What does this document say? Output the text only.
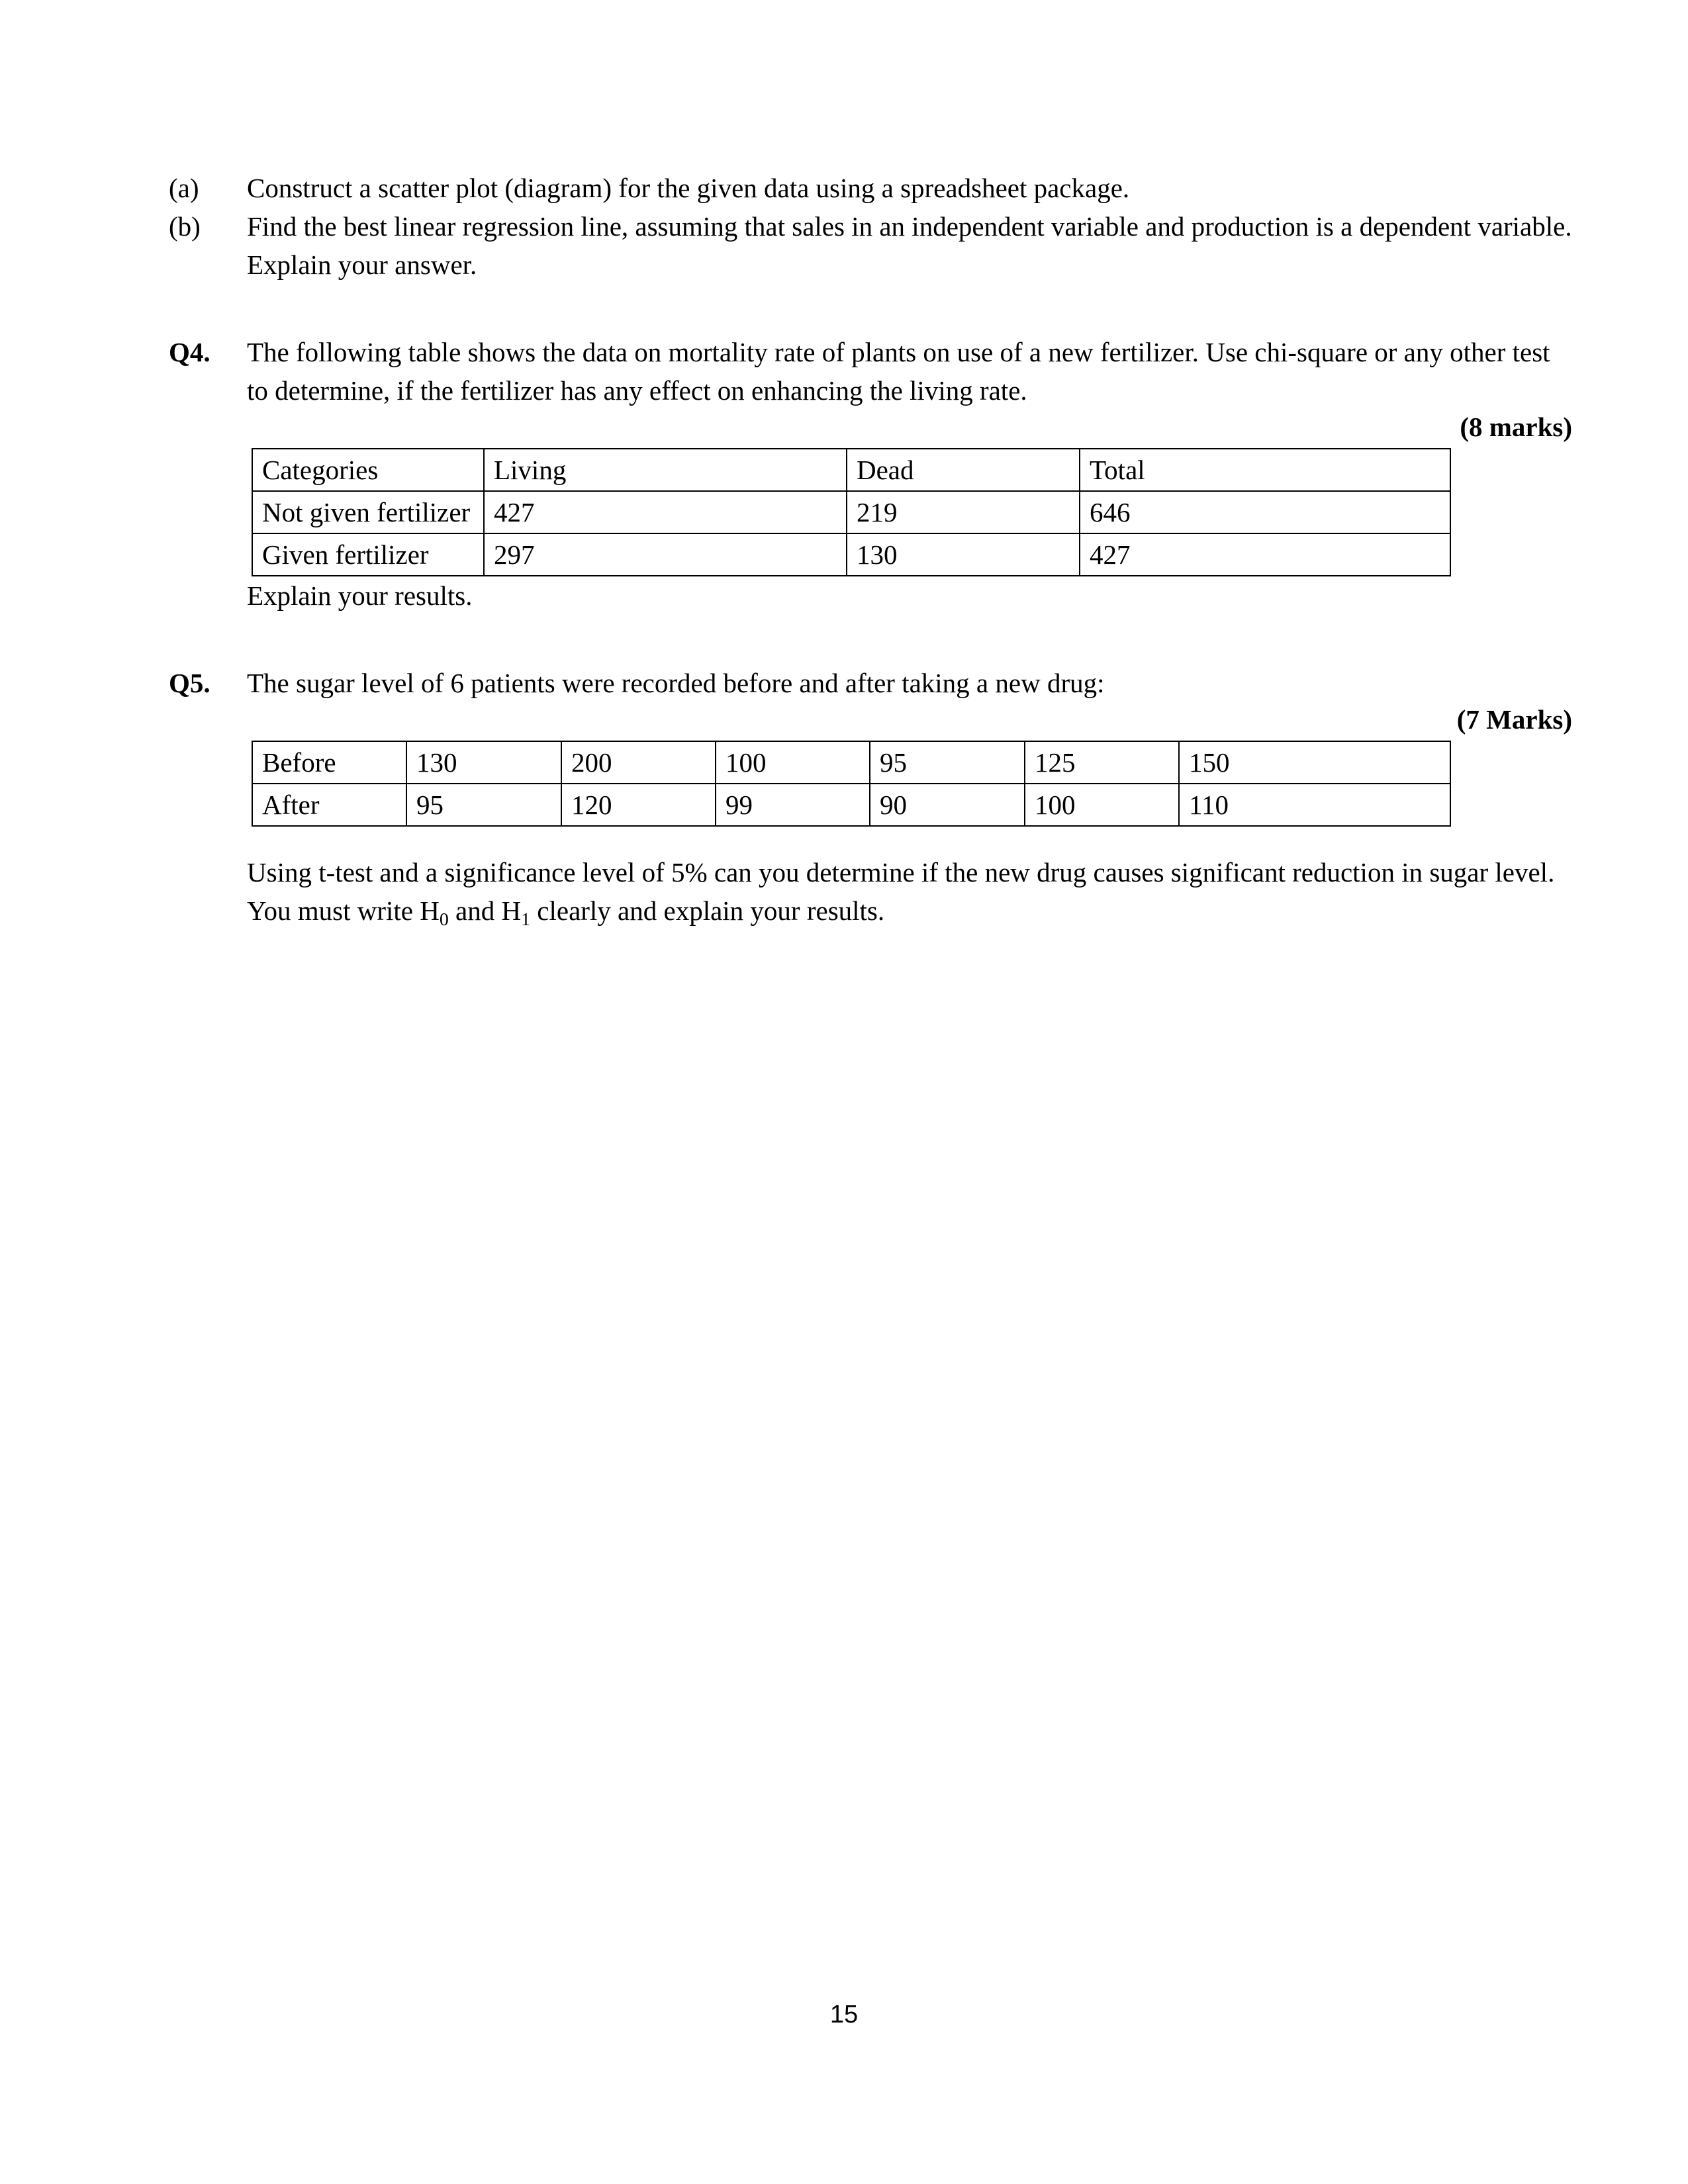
(a)	Construct a scatter plot (diagram) for the given data using a spreadsheet package.
(b)	Find the best linear regression line, assuming that sales in an independent variable and production is a dependent variable. Explain your answer.
Q4.	The following table shows the data on mortality rate of plants on use of a new fertilizer. Use chi-square or any other test to determine, if the fertilizer has any effect on enhancing the living rate.
(8 marks)
Categories	Living	Dead	Total
Not given fertilizer	427	219	646
Given fertilizer	297	130	427
Explain your results.
Q5.	The sugar level of 6 patients were recorded before and after taking a new drug:
(7 Marks)
Before	130	200	100	95	125	150
After	95	120	99	90	100	110
Using t-test and a significance level of 5% can you determine if the new drug causes significant reduction in sugar level. You must write $H_0$ and $H_1$ clearly and explain your results.
15
